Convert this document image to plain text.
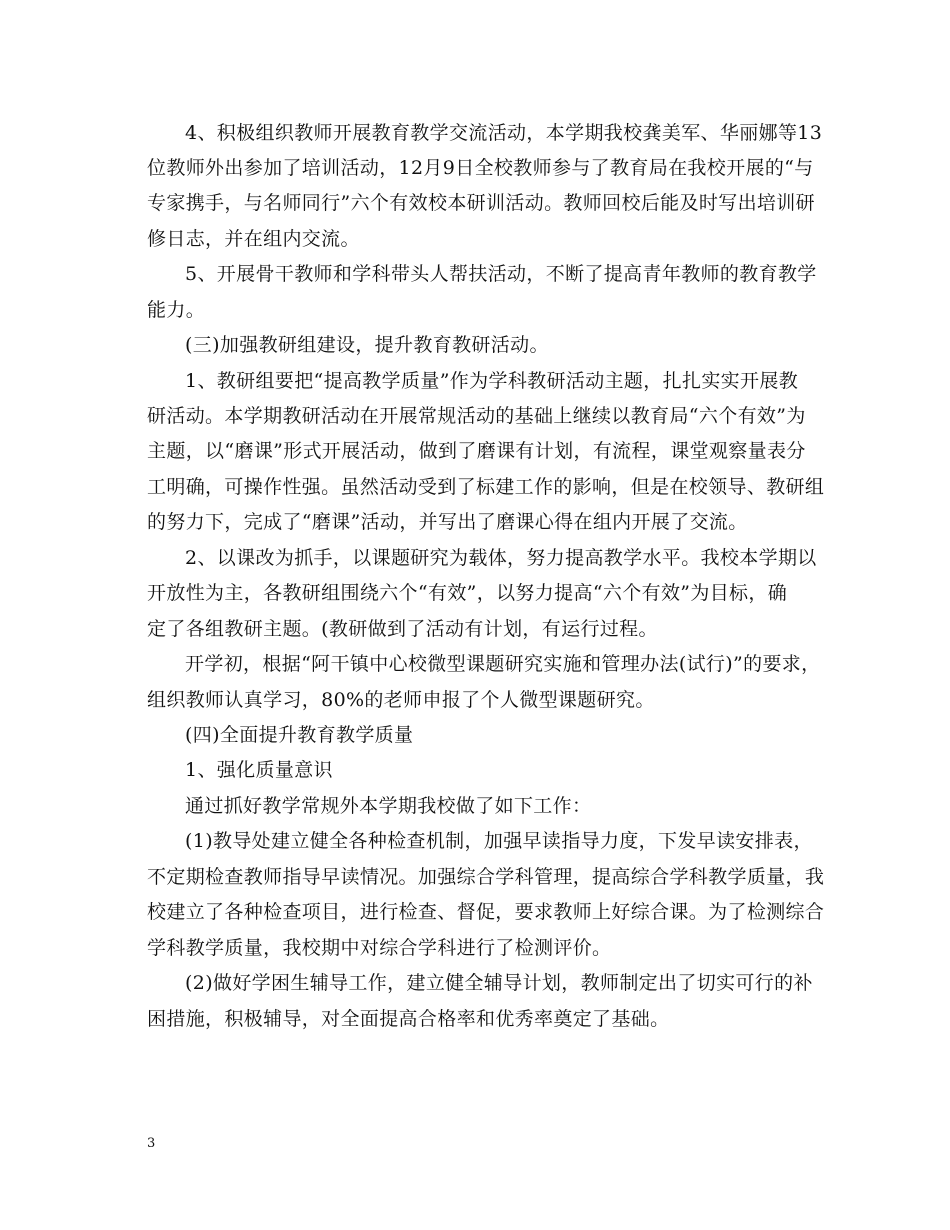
4、积极组织教师开展教育教学交流活动，本学期我校龚美军、华丽娜等13
位教师外出参加了培训活动，12月9日全校教师参与了教育局在我校开展的“与
专家携手，与名师同行”六个有效校本研训活动。教师回校后能及时写出培训研
修日志，并在组内交流。
5、开展骨干教师和学科带头人帮扶活动，不断了提高青年教师的教育教学
能力。
(三)加强教研组建设，提升教育教研活动。
1、教研组要把“提高教学质量”作为学科教研活动主题，扎扎实实开展教
研活动。本学期教研活动在开展常规活动的基础上继续以教育局“六个有效”为
主题，以“磨课”形式开展活动，做到了磨课有计划，有流程，课堂观察量表分
工明确，可操作性强。虽然活动受到了标建工作的影响，但是在校领导、教研组
的努力下，完成了“磨课”活动，并写出了磨课心得在组内开展了交流。
2、以课改为抓手，以课题研究为载体，努力提高教学水平。我校本学期以
开放性为主，各教研组围绕六个“有效”，以努力提高“六个有效”为目标，确
定了各组教研主题。(教研做到了活动有计划，有运行过程。
开学初，根据“阿干镇中心校微型课题研究实施和管理办法(试行)”的要求，
组织教师认真学习，80%的老师申报了个人微型课题研究。
(四)全面提升教育教学质量
1、强化质量意识
通过抓好教学常规外本学期我校做了如下工作：
(1)教导处建立健全各种检查机制，加强早读指导力度，下发早读安排表，
不定期检查教师指导早读情况。加强综合学科管理，提高综合学科教学质量，我
校建立了各种检查项目，进行检查、督促，要求教师上好综合课。为了检测综合
学科教学质量，我校期中对综合学科进行了检测评价。
(2)做好学困生辅导工作，建立健全辅导计划，教师制定出了切实可行的补
困措施，积极辅导，对全面提高合格率和优秀率奠定了基础。
3
